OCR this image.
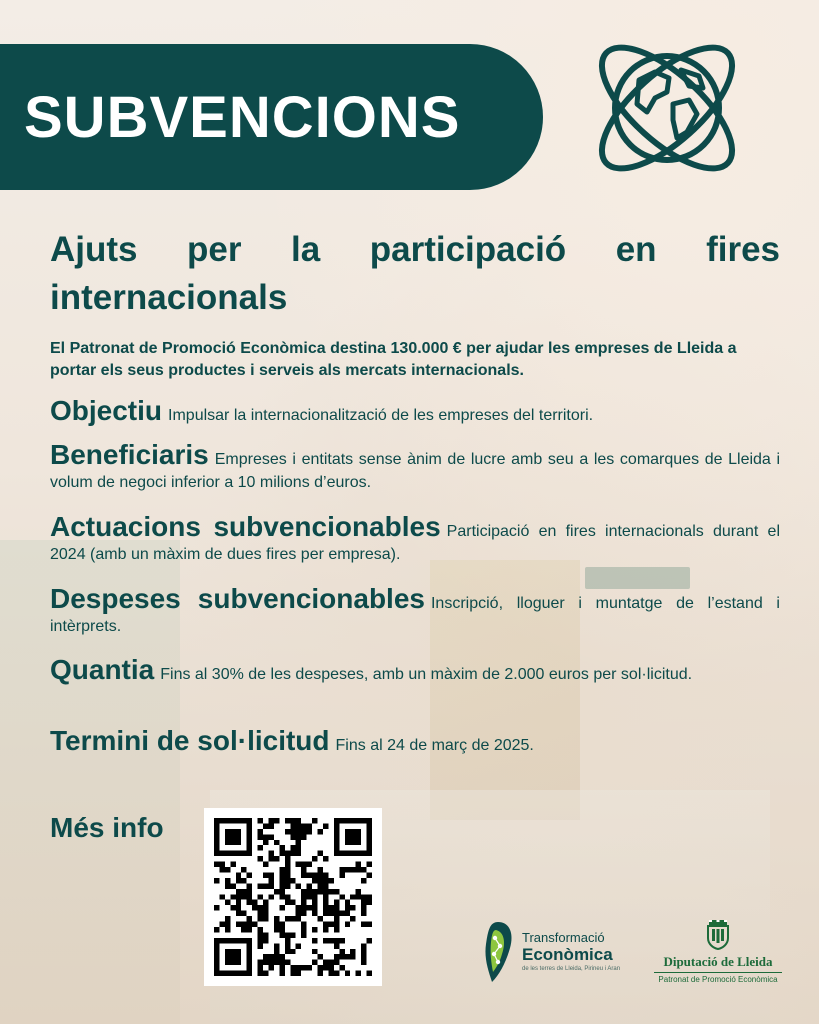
SUBVENCIONS
Ajuts per la participació en fires internacionals
El Patronat de Promoció Econòmica destina 130.000 € per ajudar les empreses de Lleida a portar els seus productes i serveis als mercats internacionals.
Objectiu Impulsar la internacionalització de les empreses del territori.
Beneficiaris Empreses i entitats sense ànim de lucre amb seu a les comarques de Lleida i volum de negoci inferior a 10 milions d’euros.
Actuacions subvencionables Participació en fires internacionals durant el 2024 (amb un màxim de dues fires per empresa).
Despeses subvencionables Inscripció, lloguer i muntatge de l’estand i intèrprets.
Quantia Fins al 30% de les despeses, amb un màxim de 2.000 euros per sol·licitud.
Termini de sol·licitud Fins al 24 de març de 2025.
Més info
Transformació
Econòmica
de les terres de Lleida, Pirineu i Aran	Diputació de Lleida
Patronat de Promoció Econòmica
